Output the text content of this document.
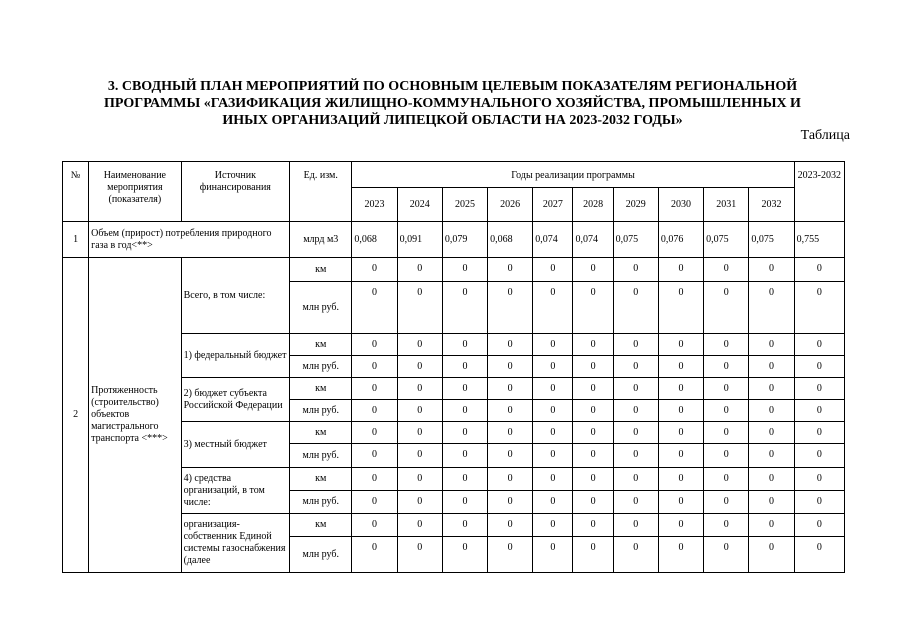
3. СВОДНЫЙ ПЛАН МЕРОПРИЯТИЙ ПО ОСНОВНЫМ ЦЕЛЕВЫМ ПОКАЗАТЕЛЯМ РЕГИОНАЛЬНОЙ
ПРОГРАММЫ «ГАЗИФИКАЦИЯ ЖИЛИЩНО-КОММУНАЛЬНОГО ХОЗЯЙСТВА, ПРОМЫШЛЕННЫХ И
ИНЫХ ОРГАНИЗАЦИЙ ЛИПЕЦКОЙ ОБЛАСТИ НА 2023-2032 ГОДЫ»
Таблица
№	Наименование мероприятия (показателя)	Источник финансирования	Ед. изм.	Годы реализации программы										2023-2032
				2023	2024	2025	2026	2027	2028	2029	2030	2031	2032	
1	Объем (прирост) потребления природного газа в год<**>		млрд м3	0,068	0,091	0,079	0,068	0,074	0,074	0,075	0,076	0,075	0,075	0,755
2	Протяженность (строительство) объектов магистрального транспорта <***>	Всего, в том числе:	км	0	0	0	0	0	0	0	0	0	0	0
			млн руб.	0	0	0	0	0	0	0	0	0	0	0
		1) федеральный бюджет	км	0	0	0	0	0	0	0	0	0	0	0
			млн руб.	0	0	0	0	0	0	0	0	0	0	0
		2) бюджет субъекта Российской Федерации	км	0	0	0	0	0	0	0	0	0	0	0
			млн руб.	0	0	0	0	0	0	0	0	0	0	0
		3) местный бюджет	км	0	0	0	0	0	0	0	0	0	0	0
			млн руб.	0	0	0	0	0	0	0	0	0	0	0
		4) средства организаций, в том числе:	км	0	0	0	0	0	0	0	0	0	0	0
			млн руб.	0	0	0	0	0	0	0	0	0	0	0
		организация-собственник Единой системы газоснабжения (далее	км	0	0	0	0	0	0	0	0	0	0	0
			млн руб.	0	0	0	0	0	0	0	0	0	0	0
